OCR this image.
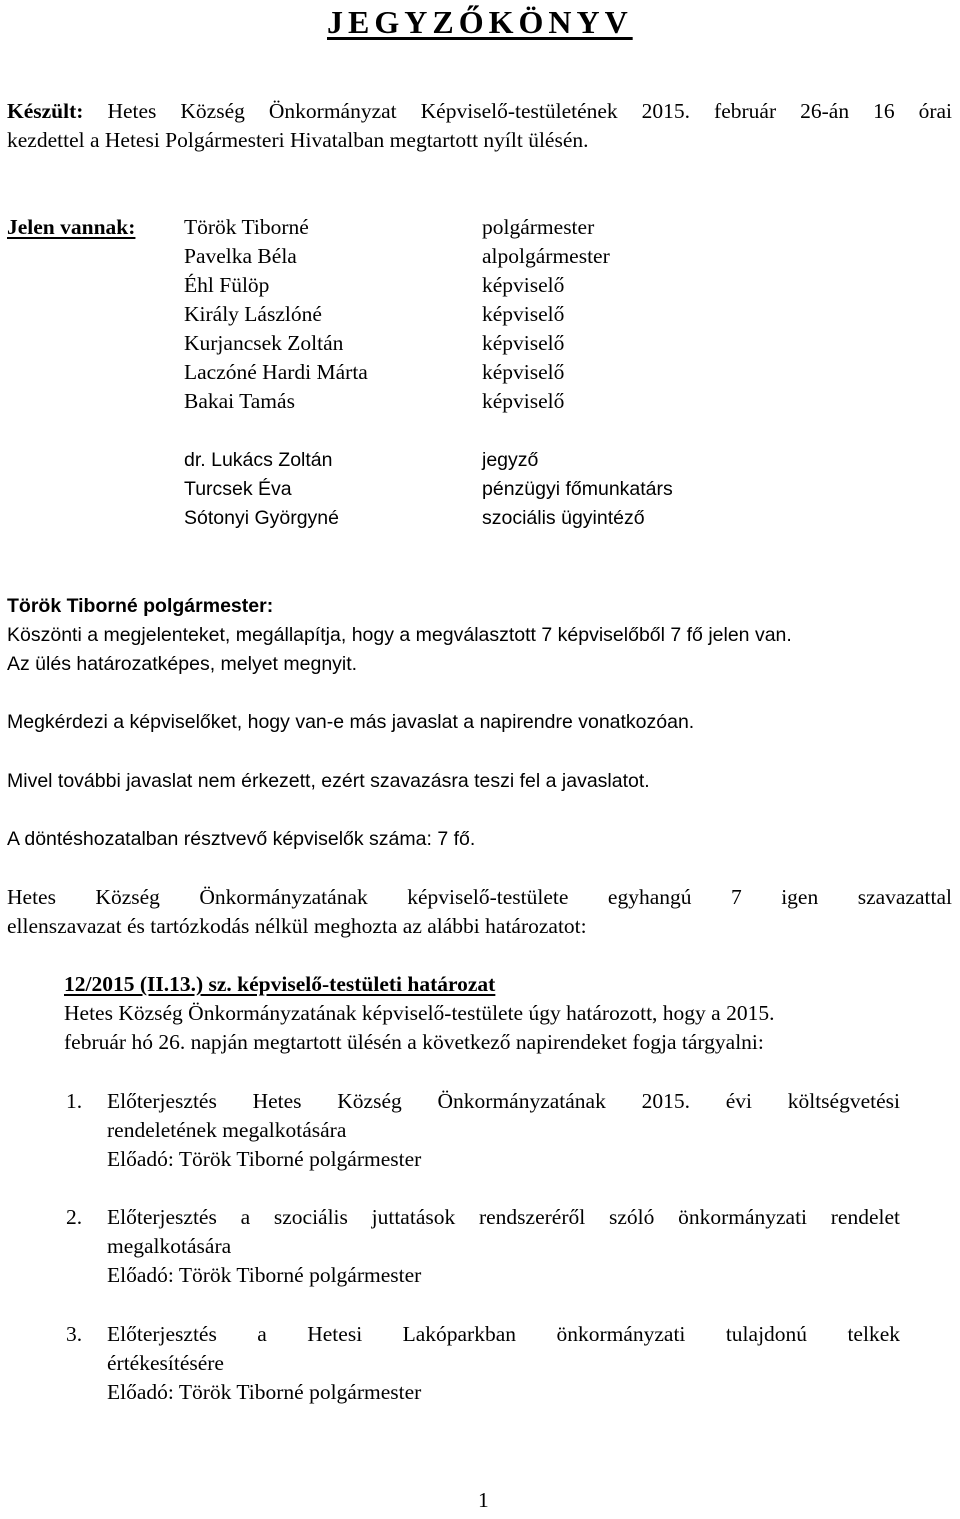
JEGYZŐKÖNYV
Készült: Hetes Község Önkormányzat Képviselő-testületének 2015. február 26-án 16 órai
kezdettel a Hetesi Polgármesteri Hivatalban megtartott nyílt ülésén.
Jelen vannak: Török Tiborné
Pavelka Béla
Éhl Fülöp
Király Lászlóné
Kurjancsek Zoltán
Laczóné Hardi Márta
Bakai Tamás
polgármester
alpolgármester
képviselő
képviselő
képviselő
képviselő
képviselő
dr. Lukács Zoltán
Turcsek Éva
Sótonyi Györgyné
jegyző
pénzügyi főmunkatárs
szociális ügyintéző
Török Tiborné polgármester:
Köszönti a megjelenteket, megállapítja, hogy a megválasztott 7 képviselőből 7 fő jelen van.
Az ülés határozatképes, melyet megnyit.
Megkérdezi a képviselőket, hogy van-e más javaslat a napirendre vonatkozóan.
Mivel további javaslat nem érkezett, ezért szavazásra teszi fel a javaslatot.
A döntéshozatalban résztvevő képviselők száma: 7 fő.
Hetes Község Önkormányzatának képviselő-testülete egyhangú 7 igen szavazattal
ellenszavazat és tartózkodás nélkül meghozta az alábbi határozatot:
12/2015 (II.13.) sz. képviselő-testületi határozat
Hetes Község Önkormányzatának képviselő-testülete úgy határozott, hogy a 2015.
február hó 26. napján megtartott ülésén a következő napirendeket fogja tárgyalni:
1. Előterjesztés Hetes Község Önkormányzatának 2015. évi költségvetési
rendeletének megalkotására
Előadó: Török Tiborné polgármester
2. Előterjesztés a szociális juttatások rendszeréről szóló önkormányzati rendelet
megalkotására
Előadó: Török Tiborné polgármester
3. Előterjesztés a Hetesi Lakóparkban önkormányzati tulajdonú telkek
értékesítésére
Előadó: Török Tiborné polgármester
1
